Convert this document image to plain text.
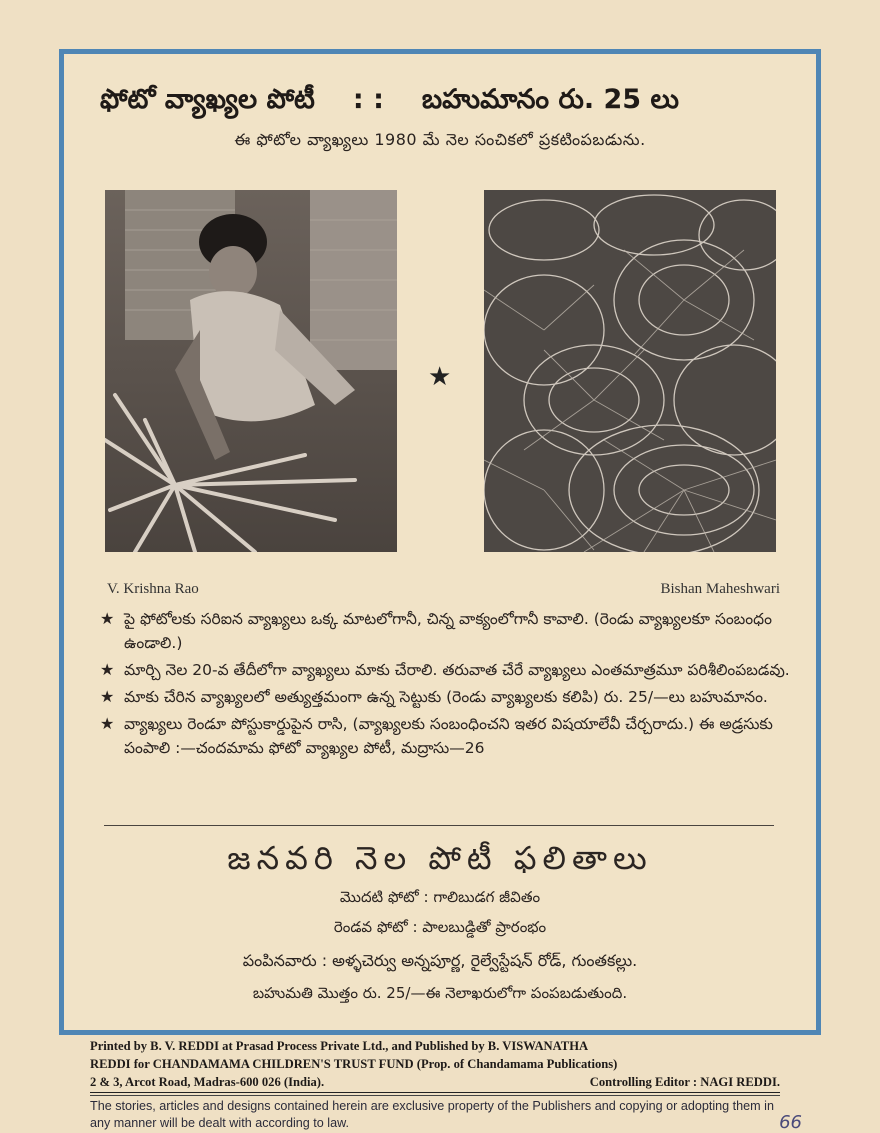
ఫోటో వ్యాఖ్యల పోటీ : : బహుమానం రు. 25 లు
ఈ ఫోటోల వ్యాఖ్యలు 1980 మే నెల సంచికలో ప్రకటింపబడును.
★
V. Krishna Rao	Bishan Maheshwari
★ పై ఫోటోలకు సరిఐన వ్యాఖ్యలు ఒక్క మాటలోగానీ, చిన్న వాక్యంలోగానీ కావాలి. (రెండు వ్యాఖ్యలకూ సంబంధం ఉండాలి.)
★ మార్చి నెల 20-వ తేదీలోగా వ్యాఖ్యలు మాకు చేరాలి. తరువాత చేరే వ్యాఖ్యలు ఎంతమాత్రమూ పరిశీలింపబడవు.
★ మాకు చేరిన వ్యాఖ్యలలో అత్యుత్తమంగా ఉన్న సెట్టుకు (రెండు వ్యాఖ్యలకు కలిపి) రు. 25/—లు బహుమానం.
★ వ్యాఖ్యలు రెండూ పోస్టుకార్డుపైన రాసి, (వ్యాఖ్యలకు సంబంధించని ఇతర విషయాలేవీ చేర్చరాదు.) ఈ అడ్రసుకు పంపాలి :—చందమామ ఫోటో వ్యాఖ్యల పోటీ, మద్రాసు—26
జనవరి నెల పోటీ ఫలితాలు
మొదటి ఫోటో : గాలిబుడగ జీవితం
రెండవ ఫోటో : పాలబుడ్డితో ప్రారంభం
పంపినవారు : అళ్ళచెర్వు అన్నపూర్ణ, రైల్వేస్టేషన్ రోడ్, గుంతకల్లు.
బహుమతి మొత్తం రు. 25/—ఈ నెలాఖరులోగా పంపబడుతుంది.
Printed by B. V. REDDI at Prasad Process Private Ltd., and Published by B. VISWANATHA
REDDI for CHANDAMAMA CHILDREN'S TRUST FUND (Prop. of Chandamama Publications)
2 & 3, Arcot Road, Madras-600 026 (India).	Controlling Editor : NAGI REDDI.
The stories, articles and designs contained herein are exclusive property of the Publishers and copying or adopting them in any manner will be dealt with according to law.	66
